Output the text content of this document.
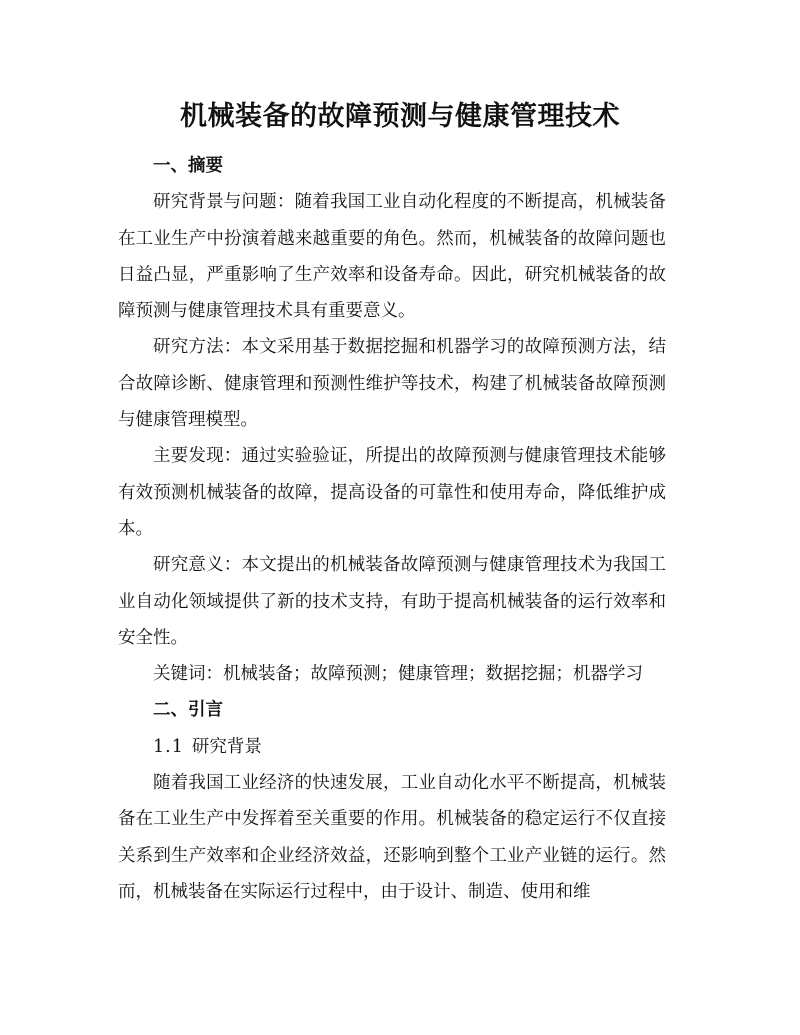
机械装备的故障预测与健康管理技术

一、摘要

研究背景与问题：随着我国工业自动化程度的不断提高，机械装备在工业生产中扮演着越来越重要的角色。然而，机械装备的故障问题也日益凸显，严重影响了生产效率和设备寿命。因此，研究机械装备的故障预测与健康管理技术具有重要意义。

研究方法：本文采用基于数据挖掘和机器学习的故障预测方法，结合故障诊断、健康管理和预测性维护等技术，构建了机械装备故障预测与健康管理模型。

主要发现：通过实验验证，所提出的故障预测与健康管理技术能够有效预测机械装备的故障，提高设备的可靠性和使用寿命，降低维护成本。

研究意义：本文提出的机械装备故障预测与健康管理技术为我国工业自动化领域提供了新的技术支持，有助于提高机械装备的运行效率和安全性。

关键词：机械装备；故障预测；健康管理；数据挖掘；机器学习

二、引言

1.1 研究背景

随着我国工业经济的快速发展，工业自动化水平不断提高，机械装备在工业生产中发挥着至关重要的作用。机械装备的稳定运行不仅直接关系到生产效率和企业经济效益，还影响到整个工业产业链的运行。然而，机械装备在实际运行过程中，由于设计、制造、使用和维
